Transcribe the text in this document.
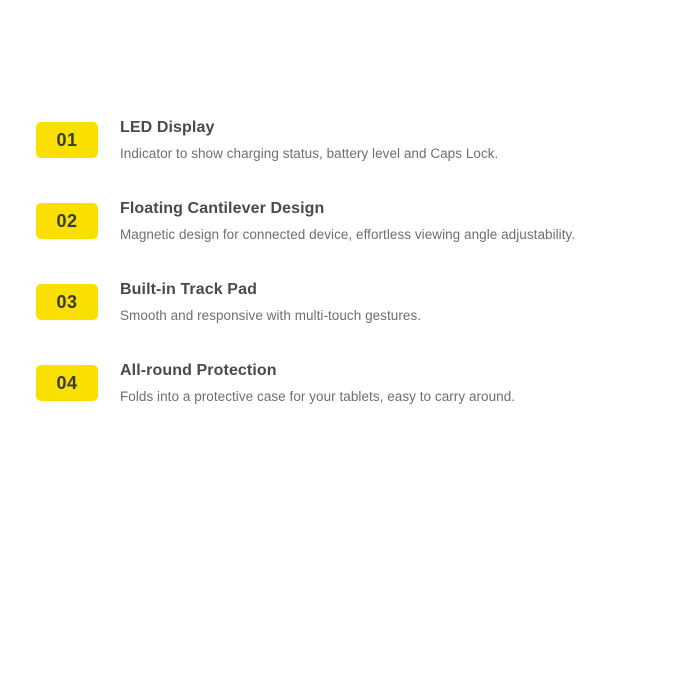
01

LED Display

Indicator to show charging status, battery level and Caps Lock.

02

Floating Cantilever Design

Magnetic design for connected device, effortless viewing angle adjustability.

03

Built-in Track Pad

Smooth and responsive with multi-touch gestures.

04

All-round Protection

Folds into a protective case for your tablets, easy to carry around.
